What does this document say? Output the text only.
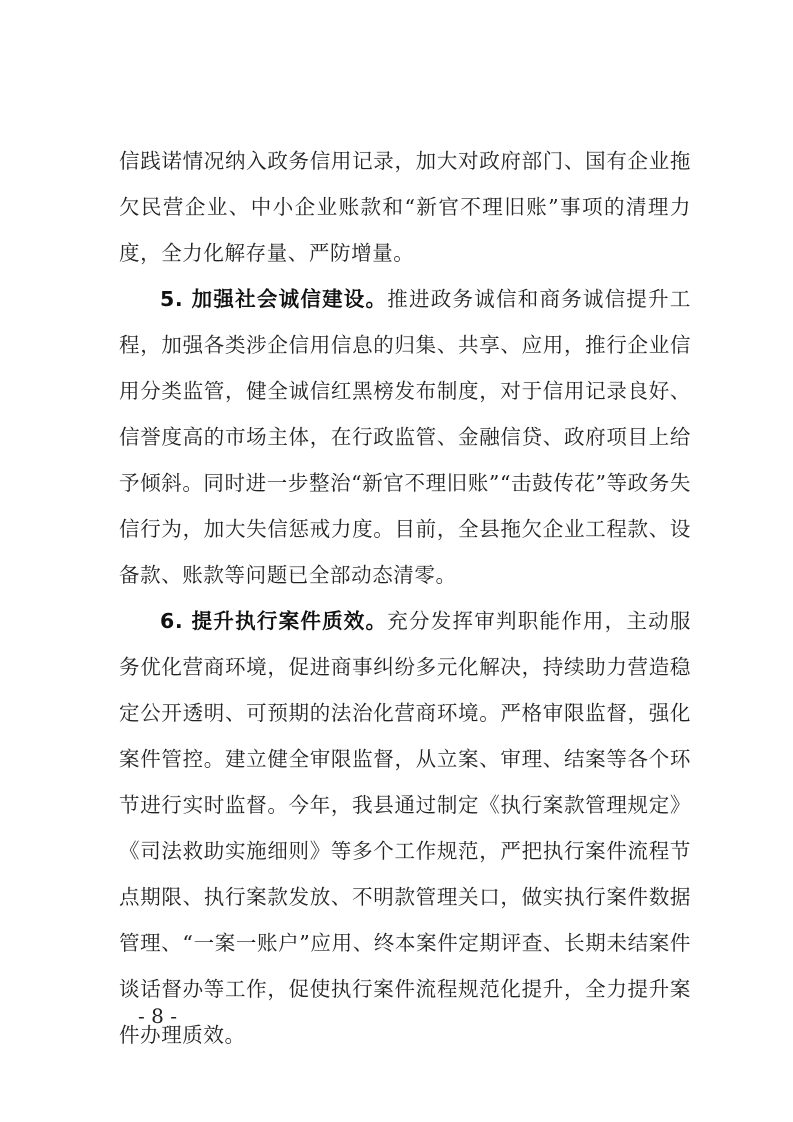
信践诺情况纳入政务信用记录，加大对政府部门、国有企业拖欠民营企业、中小企业账款和“新官不理旧账”事项的清理力度，全力化解存量、严防增量。

5. 加强社会诚信建设。推进政务诚信和商务诚信提升工程，加强各类涉企信用信息的归集、共享、应用，推行企业信用分类监管，健全诚信红黑榜发布制度，对于信用记录良好、信誉度高的市场主体，在行政监管、金融信贷、政府项目上给予倾斜。同时进一步整治“新官不理旧账”“击鼓传花”等政务失信行为，加大失信惩戒力度。目前，全县拖欠企业工程款、设备款、账款等问题已全部动态清零。

6. 提升执行案件质效。充分发挥审判职能作用，主动服务优化营商环境，促进商事纠纷多元化解决，持续助力营造稳定公开透明、可预期的法治化营商环境。严格审限监督，强化案件管控。建立健全审限监督，从立案、审理、结案等各个环节进行实时监督。今年，我县通过制定《执行案款管理规定》《司法救助实施细则》等多个工作规范，严把执行案件流程节点期限、执行案款发放、不明款管理关口，做实执行案件数据管理、“一案一账户”应用、终本案件定期评查、长期未结案件谈话督办等工作，促使执行案件流程规范化提升，全力提升案件办理质效。

- 8 -
